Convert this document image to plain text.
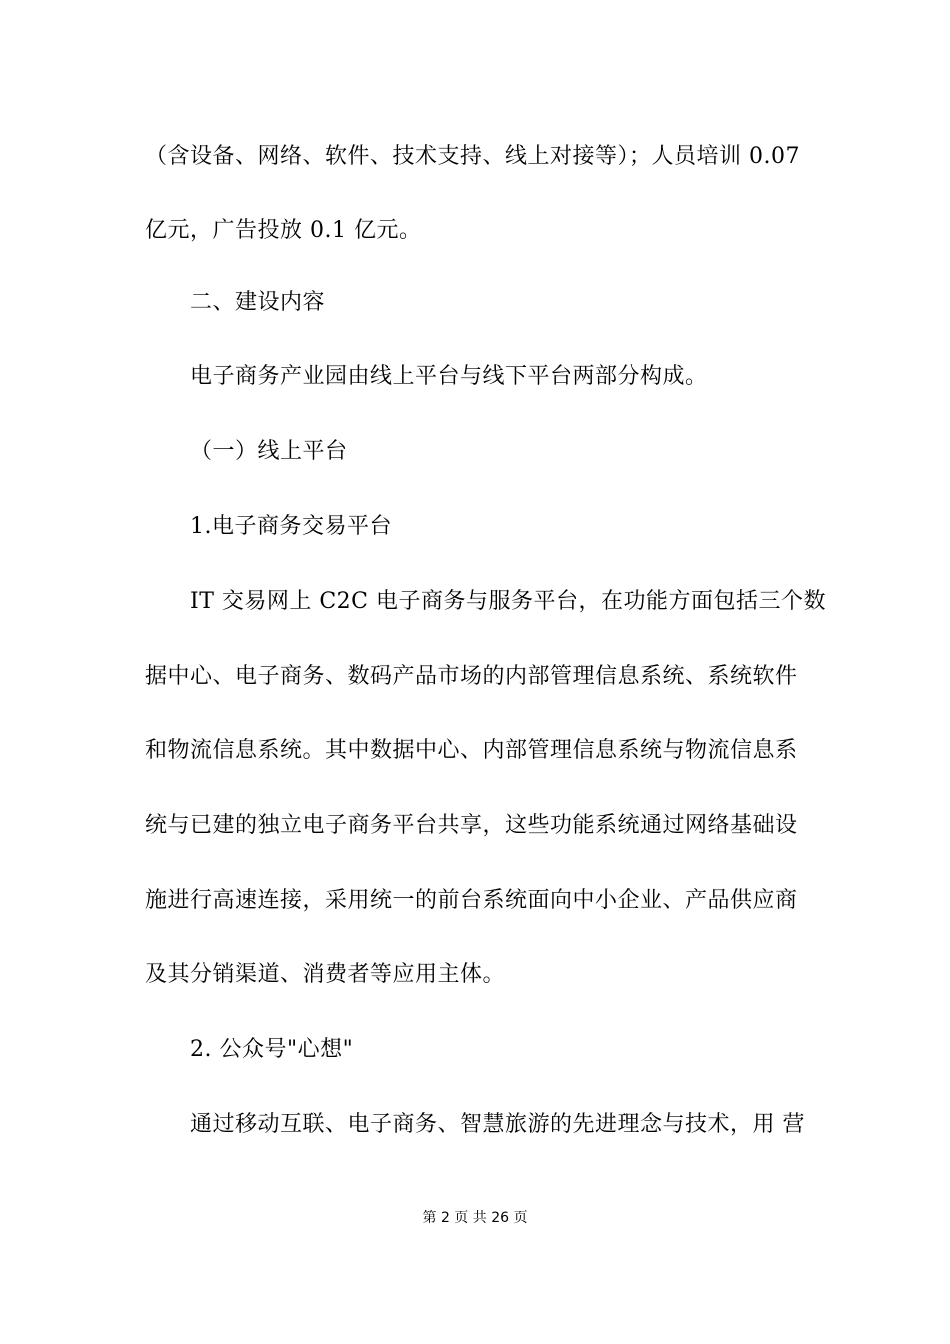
（含设备、网络、软件、技术支持、线上对接等）；人员培训 0.07
亿元，广告投放 0.1 亿元。
二、建设内容
电子商务产业园由线上平台与线下平台两部分构成。
（一）线上平台
1.电子商务交易平台
IT 交易网上 C2C 电子商务与服务平台，在功能方面包括三个数
据中心、电子商务、数码产品市场的内部管理信息系统、系统软件
和物流信息系统。其中数据中心、内部管理信息系统与物流信息系
统与已建的独立电子商务平台共享，这些功能系统通过网络基础设
施进行高速连接，采用统一的前台系统面向中小企业、产品供应商
及其分销渠道、消费者等应用主体。
2. 公众号"心想"
通过移动互联、电子商务、智慧旅游的先进理念与技术，用 营
第 2 页 共 26 页
